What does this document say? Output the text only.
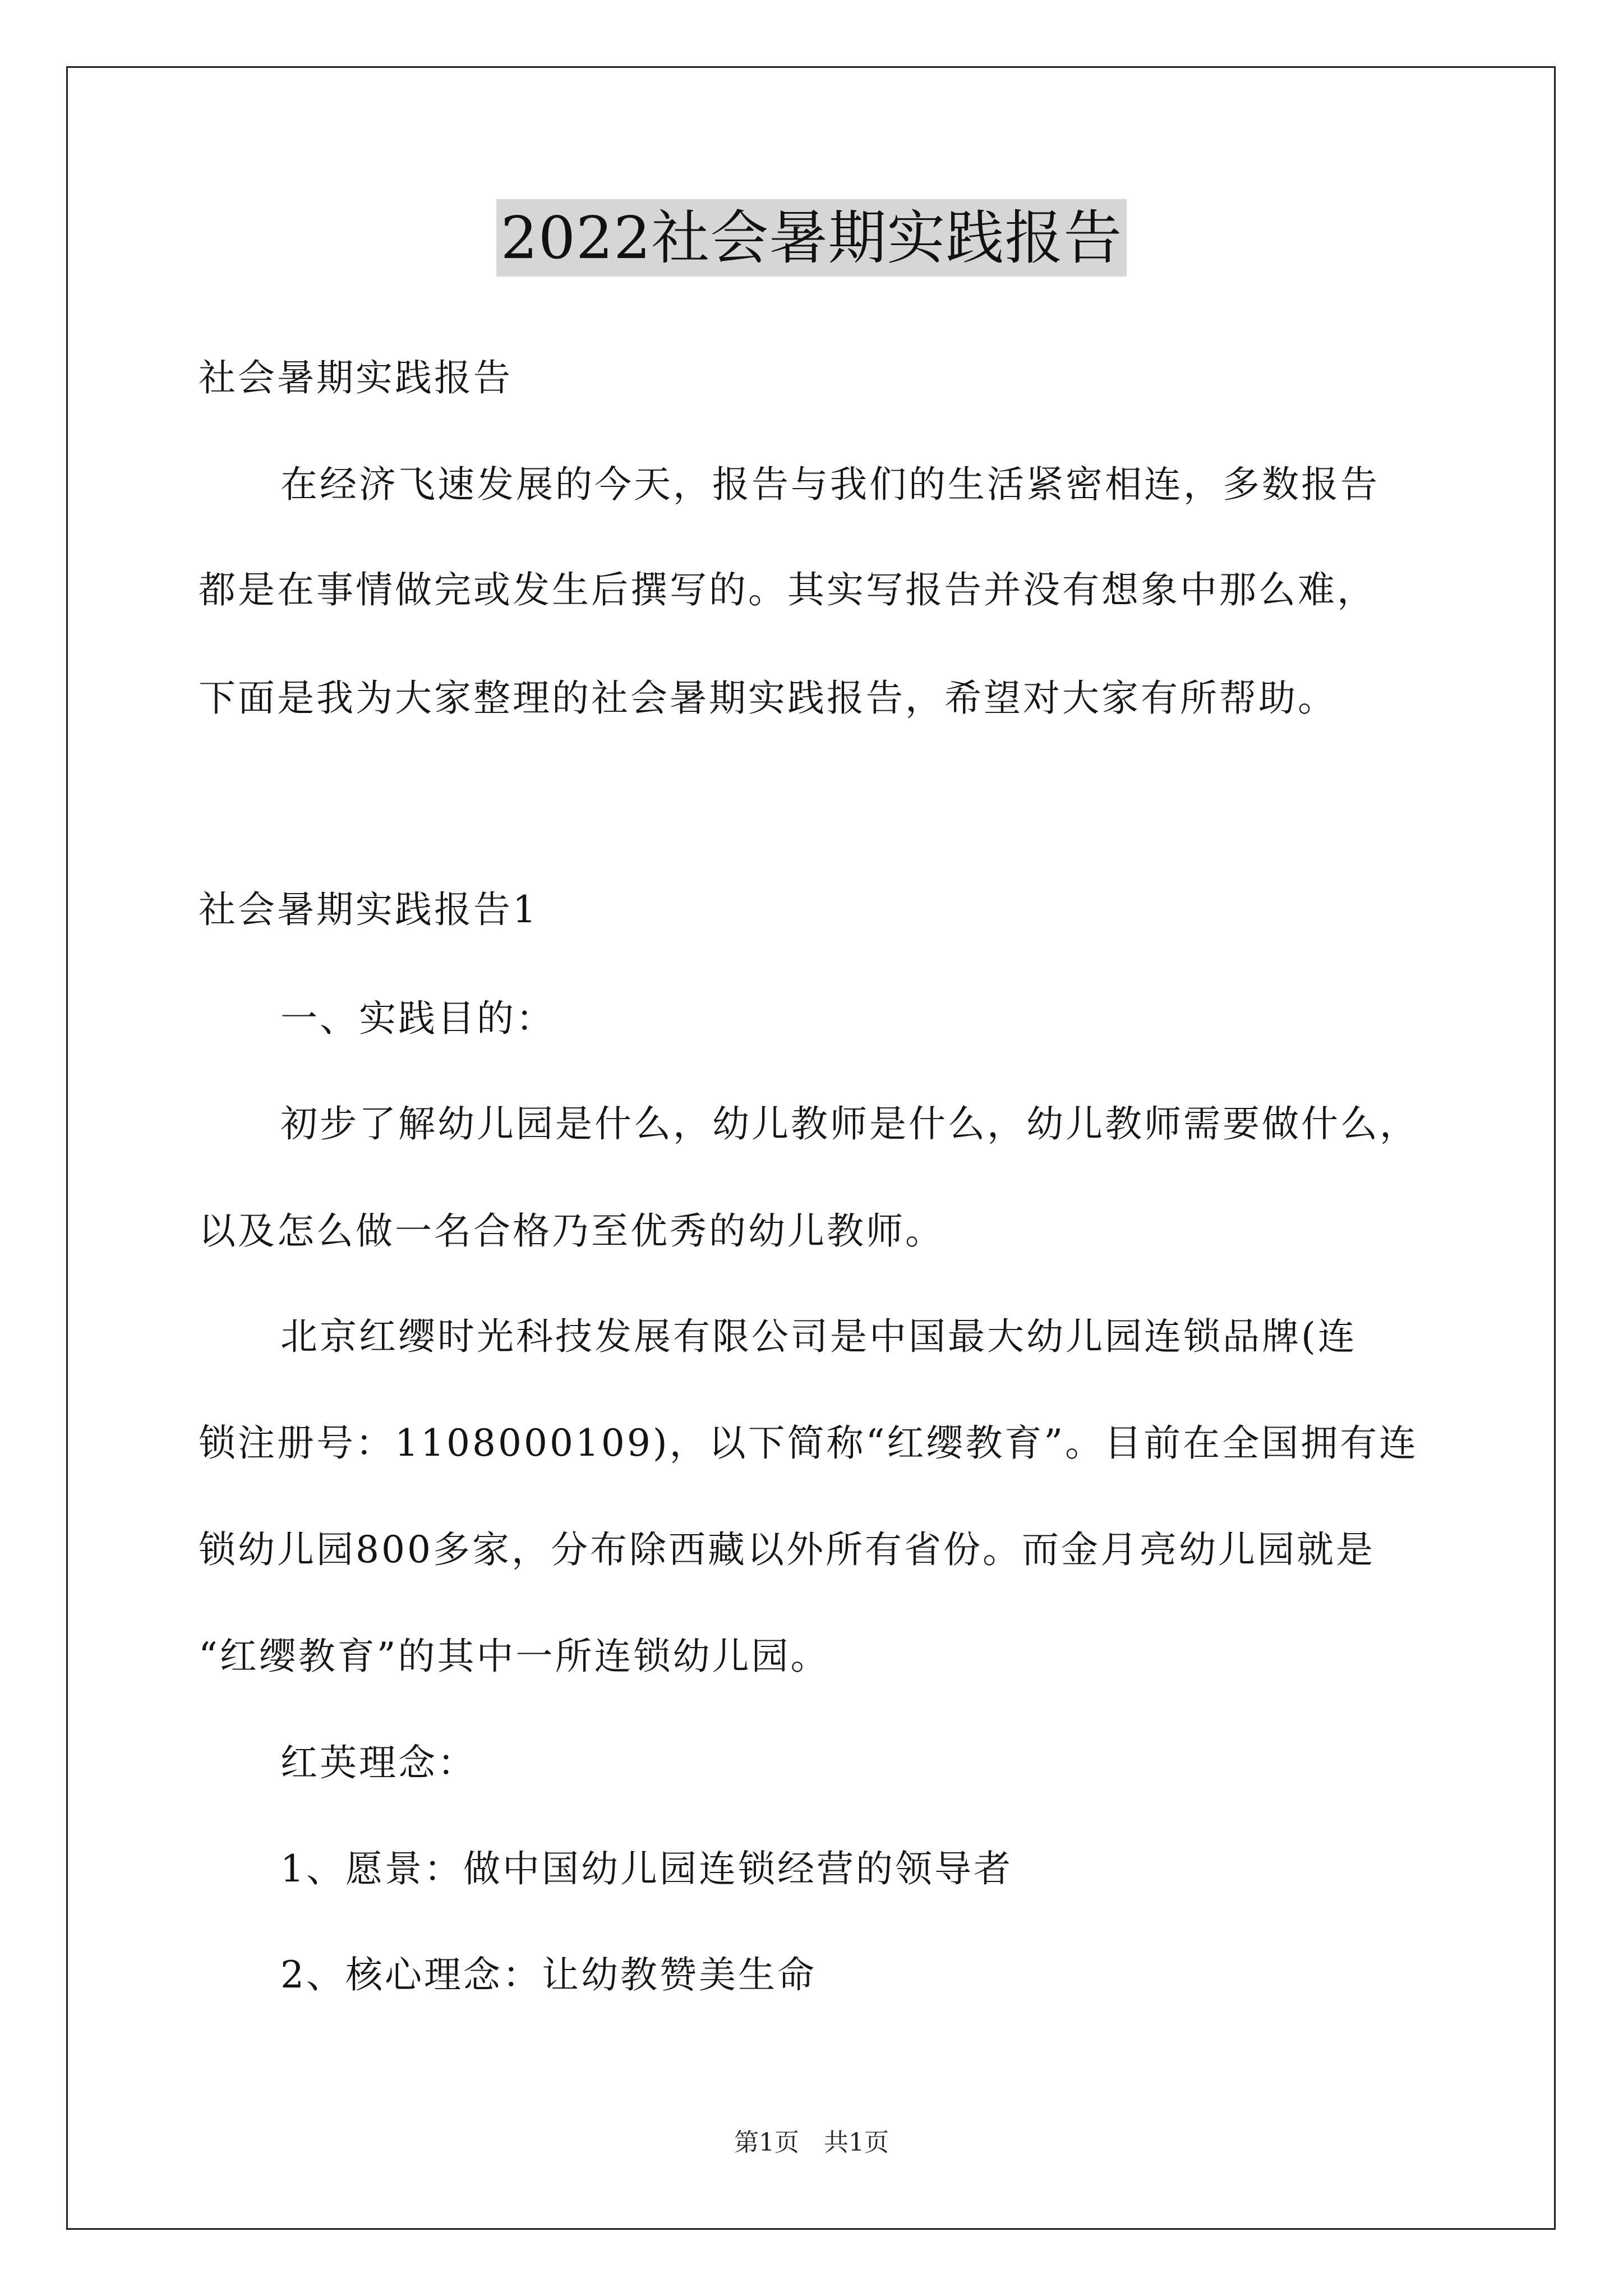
2022社会暑期实践报告
社会暑期实践报告
在经济飞速发展的今天，报告与我们的生活紧密相连，多数报告
都是在事情做完或发生后撰写的。其实写报告并没有想象中那么难，
下面是我为大家整理的社会暑期实践报告，希望对大家有所帮助。
社会暑期实践报告1
一、实践目的：
初步了解幼儿园是什么，幼儿教师是什么，幼儿教师需要做什么，
以及怎么做一名合格乃至优秀的幼儿教师。
北京红缨时光科技发展有限公司是中国最大幼儿园连锁品牌(连
锁注册号：1108000109)，以下简称“红缨教育”。目前在全国拥有连
锁幼儿园800多家，分布除西藏以外所有省份。而金月亮幼儿园就是
“红缨教育”的其中一所连锁幼儿园。
红英理念：
1、愿景：做中国幼儿园连锁经营的领导者
2、核心理念：让幼教赞美生命
第1页　共1页
